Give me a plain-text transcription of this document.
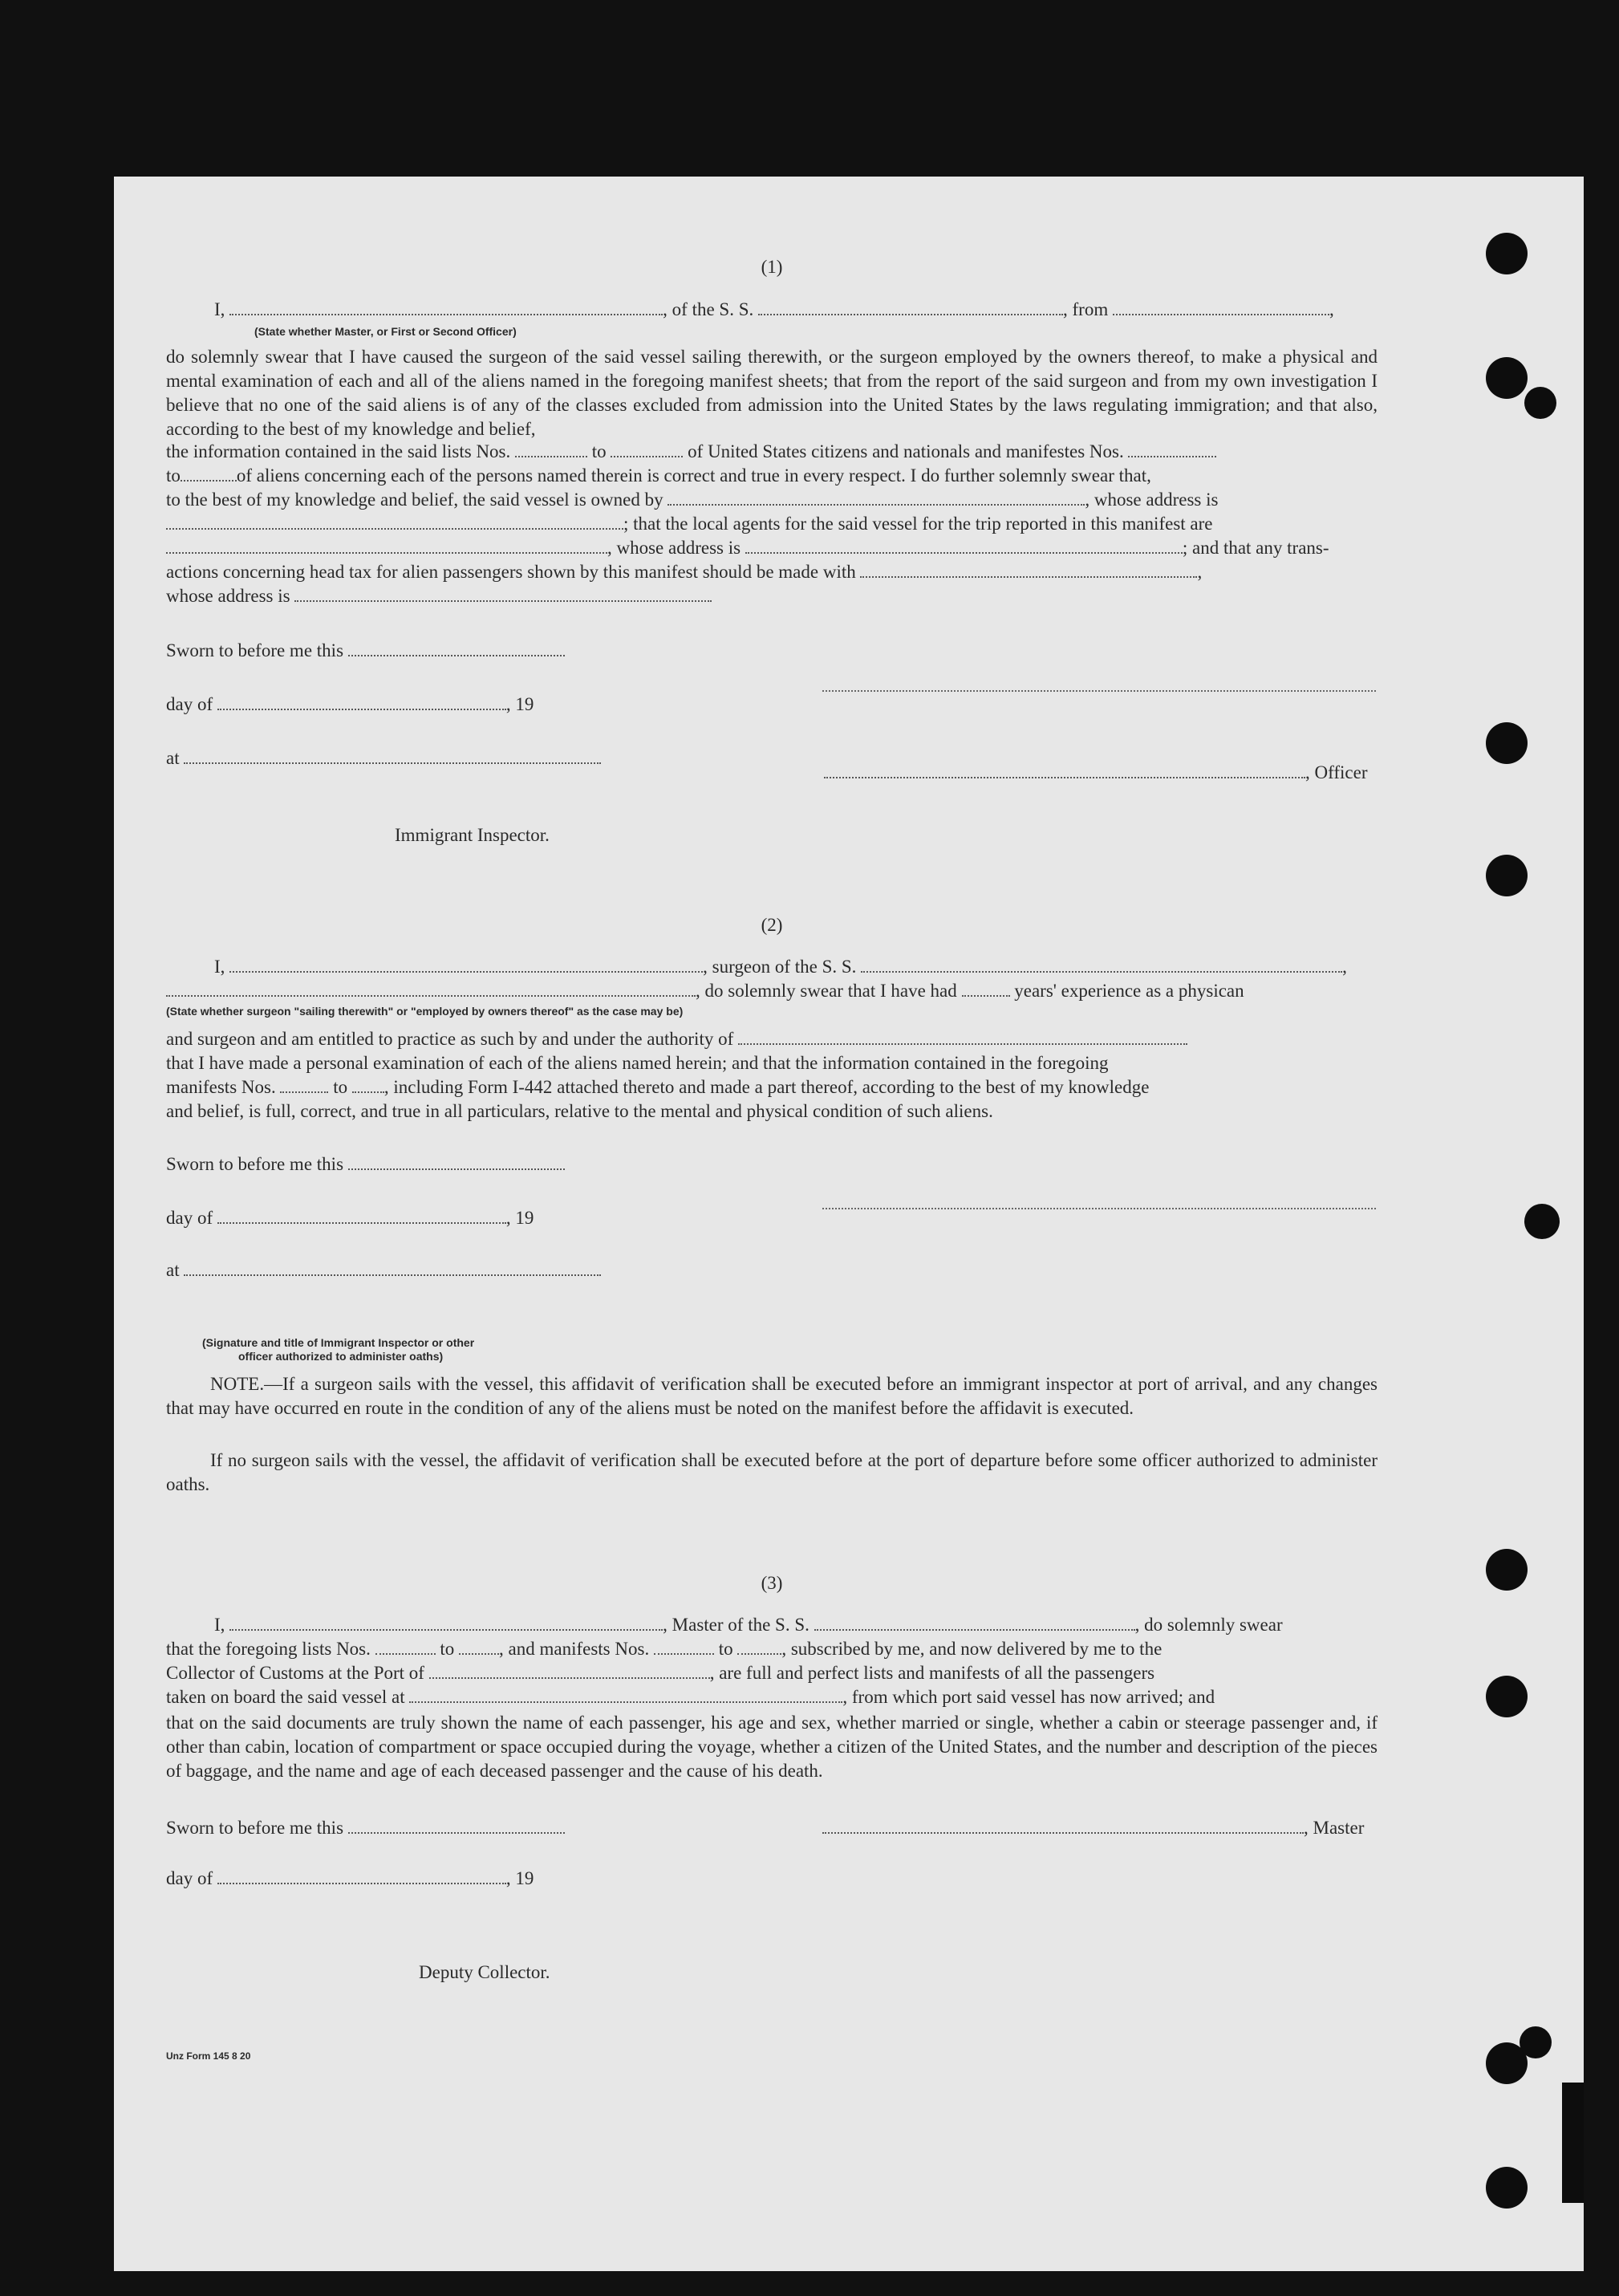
(1)
I,	, of the S. S.	, from	,
(State whether Master, or First or Second Officer)
do solemnly swear that I have caused the surgeon of the said vessel sailing therewith, or the surgeon employed by the owners thereof, to make a physical and mental examination of each and all of the aliens named in the foregoing manifest sheets; that from the report of the said surgeon and from my own investigation I believe that no one of the said aliens is of any of the classes excluded from admission into the United States by the laws regulating immigration; and that also, according to the best of my knowledge and belief,
the information contained in the said lists Nos.	to	of United States citizens and nationals and manifestes Nos.
to	of aliens concerning each of the persons named therein is correct and true in every respect. I do further solemnly swear that,
to the best of my knowledge and belief, the said vessel is owned by	, whose address is
; that the local agents for the said vessel for the trip reported in this manifest are
, whose address is	; and that any trans-
actions concerning head tax for alien passengers shown by this manifest should be made with	,
whose address is
Sworn to before me this
day of	, 19
at
, Officer
Immigrant Inspector.
(2)
I,	, surgeon of the S. S.	,
, do solemnly swear that I have had	years' experience as a physican
(State whether surgeon "sailing therewith" or "employed by owners thereof" as the case may be)
and surgeon and am entitled to practice as such by and under the authority of
that I have made a personal examination of each of the aliens named herein; and that the information contained in the foregoing
manifests Nos.	to , including Form I-442 attached thereto and made a part thereof, according to the best of my knowledge
and belief, is full, correct, and true in all particulars, relative to the mental and physical condition of such aliens.
Sworn to before me this
day of	, 19
at
(Signature and title of Immigrant Inspector or other
officer authorized to administer oaths)
NOTE.—If a surgeon sails with the vessel, this affidavit of verification shall be executed before an immigrant inspector at port of arrival, and any changes that may have occurred en route in the condition of any of the aliens must be noted on the manifest before the affidavit is executed.
If no surgeon sails with the vessel, the affidavit of verification shall be executed before at the port of departure before some officer authorized to administer oaths.
(3)
I,	, Master of the S. S.	, do solemnly swear
that the foregoing lists Nos.	to , and manifests Nos.	to	, subscribed by me, and now delivered by me to the
Collector of Customs at the Port of	, are full and perfect lists and manifests of all the passengers
taken on board the said vessel at	, from which port said vessel has now arrived; and
that on the said documents are truly shown the name of each passenger, his age and sex, whether married or single, whether a cabin or steerage passenger and, if other than cabin, location of compartment or space occupied during the voyage, whether a citizen of the United States, and the number and description of the pieces of baggage, and the name and age of each deceased passenger and the cause of his death.
Sworn to before me this	, Master
day of	, 19
Deputy Collector.
Unz Form 145 8 20
